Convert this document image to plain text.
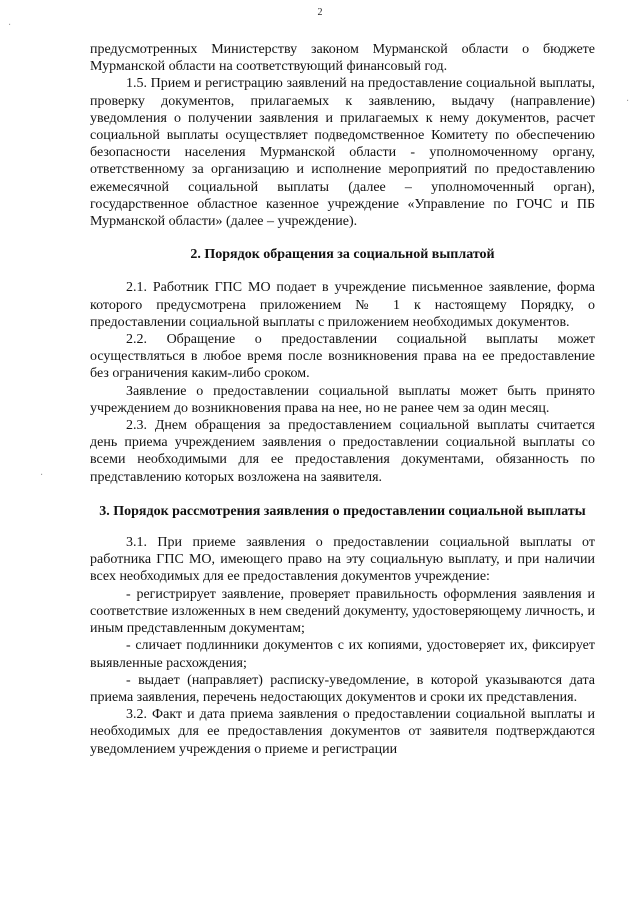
2
·
·
·

предусмотренных Министерству законом Мурманской области о бюджете Мурманской области на соответствующий финансовый год.

1.5. Прием и регистрацию заявлений на предоставление социальной выплаты, проверку документов, прилагаемых к заявлению, выдачу (направление) уведомления о получении заявления и прилагаемых к нему документов, расчет социальной выплаты осуществляет подведомственное Комитету по обеспечению безопасности населения Мурманской области - уполномоченному органу, ответственному за организацию и исполнение мероприятий по предоставлению ежемесячной социальной выплаты (далее – уполномоченный орган), государственное областное казенное учреждение «Управление по ГОЧС и ПБ Мурманской области» (далее – учреждение).

2. Порядок обращения за социальной выплатой

2.1. Работник ГПС МО подает в учреждение письменное заявление, форма которого предусмотрена приложением № 1 к настоящему Порядку, о предоставлении социальной выплаты с приложением необходимых документов.

2.2. Обращение о предоставлении социальной выплаты может осуществляться в любое время после возникновения права на ее предоставление без ограничения каким-либо сроком.

Заявление о предоставлении социальной выплаты может быть принято учреждением до возникновения права на нее, но не ранее чем за один месяц.

2.3. Днем обращения за предоставлением социальной выплаты считается день приема учреждением заявления о предоставлении социальной выплаты со всеми необходимыми для ее предоставления документами, обязанность по представлению которых возложена на заявителя.

3. Порядок рассмотрения заявления о предоставлении социальной выплаты

3.1. При приеме заявления о предоставлении социальной выплаты от работника ГПС МО, имеющего право на эту социальную выплату, и при наличии всех необходимых для ее предоставления документов учреждение:

- регистрирует заявление, проверяет правильность оформления заявления и соответствие изложенных в нем сведений документу, удостоверяющему личность, и иным представленным документам;

- сличает подлинники документов с их копиями, удостоверяет их, фиксирует выявленные расхождения;

- выдает (направляет) расписку-уведомление, в которой указываются дата приема заявления, перечень недостающих документов и сроки их представления.

3.2. Факт и дата приема заявления о предоставлении социальной выплаты и необходимых для ее предоставления документов от заявителя подтверждаются уведомлением учреждения о приеме и регистрации
